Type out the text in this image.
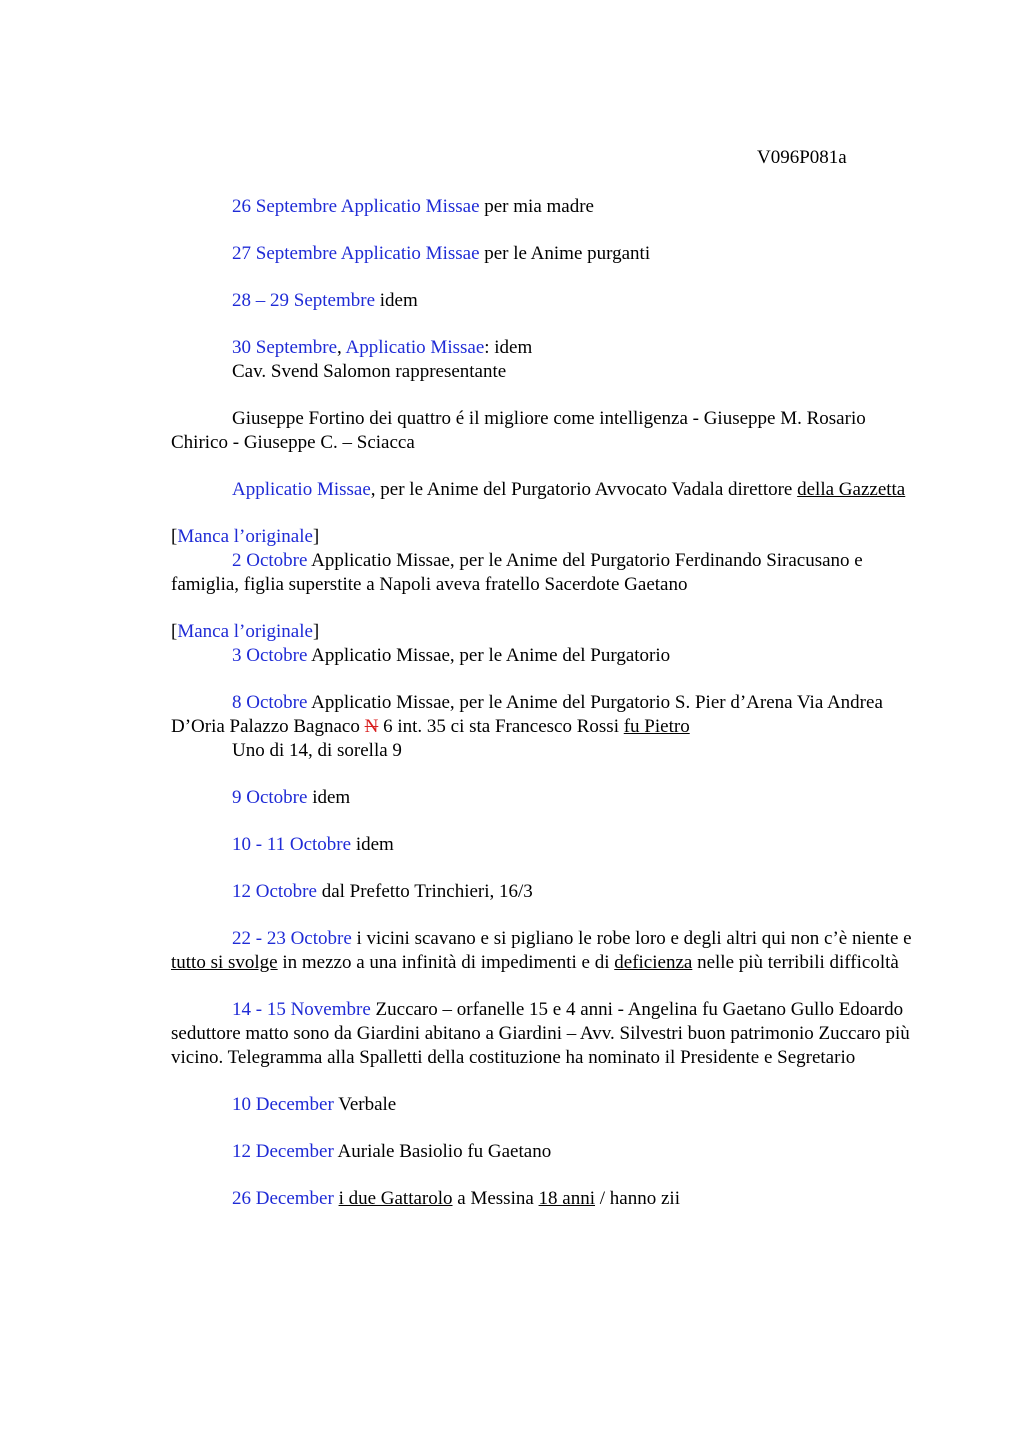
V096P081a

26 Septembre Applicatio Missae per mia madre

27 Septembre Applicatio Missae per le Anime purganti

28 – 29 Septembre idem

30 Septembre, Applicatio Missae: idem
Cav. Svend Salomon rappresentante

Giuseppe Fortino dei quattro é il migliore come intelligenza - Giuseppe M. Rosario Chirico - Giuseppe C. – Sciacca

Applicatio Missae, per le Anime del Purgatorio Avvocato Vadala direttore della Gazzetta

[Manca l’originale]
2 Octobre Applicatio Missae, per le Anime del Purgatorio Ferdinando Siracusano e famiglia, figlia superstite a Napoli aveva fratello Sacerdote Gaetano
[Manca l’originale]
3 Octobre Applicatio Missae, per le Anime del Purgatorio
8 Octobre Applicatio Missae, per le Anime del Purgatorio S. Pier d’Arena Via Andrea D’Oria Palazzo Bagnaco N 6 int. 35 ci sta Francesco Rossi fu Pietro
Uno di 14, di sorella 9

9 Octobre idem

10 - 11 Octobre idem

12 Octobre dal Prefetto Trinchieri, 16/3

22 - 23 Octobre i vicini scavano e si pigliano le robe loro e degli altri qui non c’è niente e tutto si svolge in mezzo a una infinità di impedimenti e di deficienza nelle più terribili difficoltà

14 - 15 Novembre Zuccaro – orfanelle 15 e 4 anni - Angelina fu Gaetano Gullo Edoardo seduttore matto sono da Giardini abitano a Giardini – Avv. Silvestri buon patrimonio Zuccaro più vicino. Telegramma alla Spalletti della costituzione ha nominato il Presidente e Segretario

10 December Verbale

12 December Auriale Basiolio fu Gaetano

26 December i due Gattarolo a Messina 18 anni / hanno zii
